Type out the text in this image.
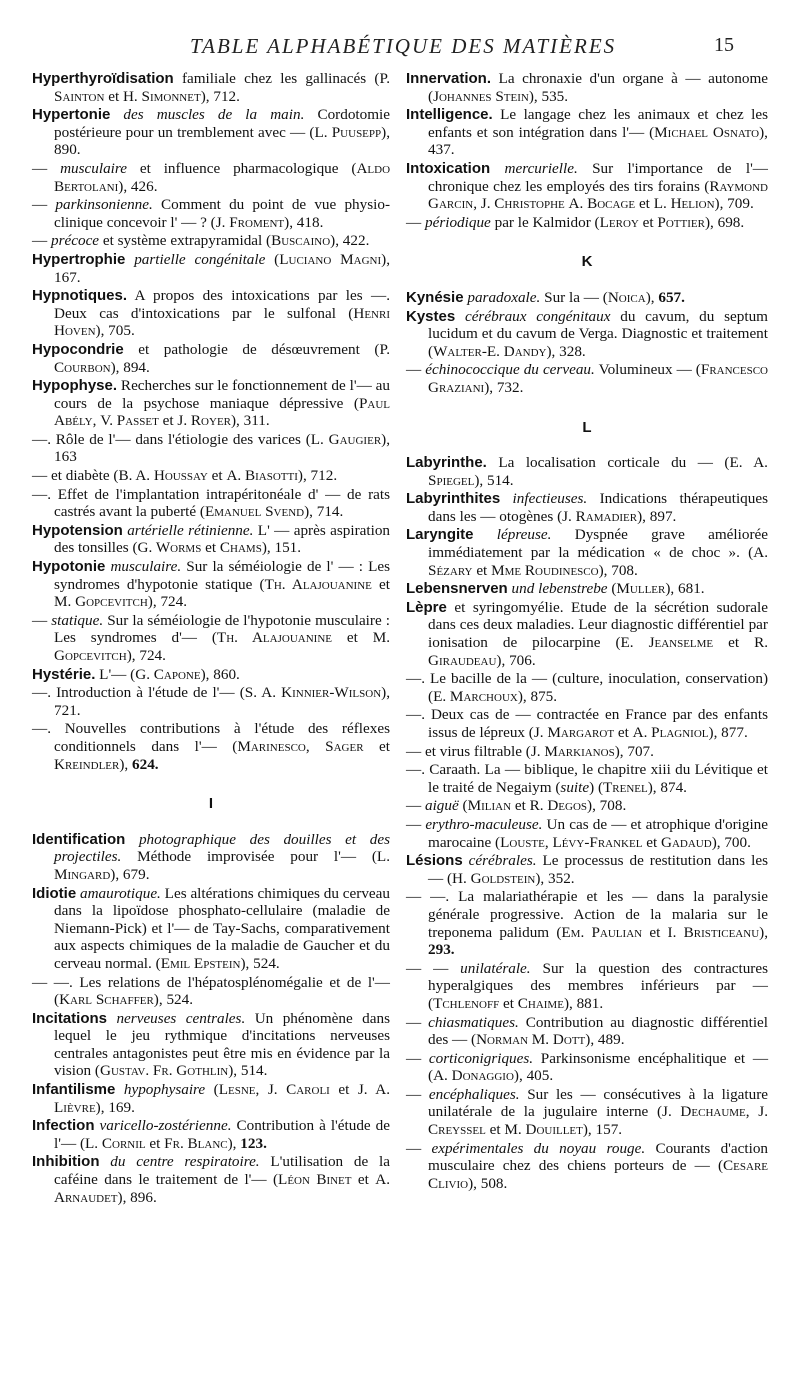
TABLE ALPHABÉTIQUE DES MATIÈRES	15

Hyperthyroïdisation familiale chez les gallinacés (P. Sainton et H. Simonnet), 712.

Hypertonie des muscles de la main. Cordotomie postérieure pour un tremblement avec — (L. Puusepp), 890.

— musculaire et influence pharmacologique (Aldo Bertolani), 426.

— parkinsonienne. Comment du point de vue physio-clinique concevoir l' — ? (J. Froment), 418.

— précoce et système extrapyramidal (Buscaino), 422.

Hypertrophie partielle congénitale (Luciano Magni), 167.

Hypnotiques. A propos des intoxications par les —. Deux cas d'intoxications par le sulfonal (Henri Hoven), 705.

Hypocondrie et pathologie de désœuvrement (P. Courbon), 894.

Hypophyse. Recherches sur le fonctionnement de l'— au cours de la psychose maniaque dépressive (Paul Abély, V. Passet et J. Royer), 311.

—. Rôle de l'— dans l'étiologie des varices (L. Gaugier), 163

— et diabète (B. A. Houssay et A. Biasotti), 712.

—. Effet de l'implantation intrapéritonéale d' — de rats castrés avant la puberté (Emanuel Svend), 714.

Hypotension artérielle rétinienne. L' — après aspiration des tonsilles (G. Worms et Chams), 151.

Hypotonie musculaire. Sur la séméiologie de l' — : Les syndromes d'hypotonie statique (Th. Alajouanine et M. Gopcevitch), 724.

— statique. Sur la séméiologie de l'hypotonie musculaire : Les syndromes d'— (Th. Alajouanine et M. Gopcevitch), 724.

Hystérie. L'— (G. Capone), 860.

—. Introduction à l'étude de l'— (S. A. Kinnier-Wilson), 721.

—. Nouvelles contributions à l'étude des réflexes conditionnels dans l'— (Marinesco, Sager et Kreindler), 624.

I

Identification photographique des douilles et des projectiles. Méthode improvisée pour l'— (L. Mingard), 679.

Idiotie amaurotique. Les altérations chimiques du cerveau dans la lipoïdose phosphato-cellulaire (maladie de Niemann-Pick) et l'— de Tay-Sachs, comparativement aux aspects chimiques de la maladie de Gaucher et du cerveau normal. (Emil Epstein), 524.

— —. Les relations de l'hépatosplénomégalie et de l'— (Karl Schaffer), 524.

Incitations nerveuses centrales. Un phénomène dans lequel le jeu rythmique d'incitations nerveuses centrales antagonistes peut être mis en évidence par la vision (Gustav. Fr. Gothlin), 514.

Infantilisme hypophysaire (Lesne, J. Caroli et J. A. Lièvre), 169.

Infection varicello-zostérienne. Contribution à l'étude de l'— (L. Cornil et Fr. Blanc), 123.

Inhibition du centre respiratoire. L'utilisation de la caféine dans le traitement de l'— (Léon Binet et A. Arnaudet), 896.

Innervation. La chronaxie d'un organe à — autonome (Johannes Stein), 535.

Intelligence. Le langage chez les animaux et chez les enfants et son intégration dans l'— (Michael Osnato), 437.

Intoxication mercurielle. Sur l'importance de l'— chronique chez les employés des tirs forains (Raymond Garcin, J. Christophe A. Bocage et L. Helion), 709.

— périodique par le Kalmidor (Leroy et Pottier), 698.

K

Kynésie paradoxale. Sur la — (Noica), 657.

Kystes cérébraux congénitaux du cavum, du septum lucidum et du cavum de Verga. Diagnostic et traitement (Walter-E. Dandy), 328.

— échinococcique du cerveau. Volumineux — (Francesco Graziani), 732.

L

Labyrinthe. La localisation corticale du — (E. A. Spiegel), 514.

Labyrinthites infectieuses. Indications thérapeutiques dans les — otogènes (J. Ramadier), 897.

Laryngite lépreuse. Dyspnée grave améliorée immédiatement par la médication « de choc ». (A. Sézary et Mme Roudinesco), 708.

Lebensnerven und lebenstrebe (Muller), 681.

Lèpre et syringomyélie. Etude de la sécrétion sudorale dans ces deux maladies. Leur diagnostic différentiel par ionisation de pilocarpine (E. Jeanselme et R. Giraudeau), 706.

—. Le bacille de la — (culture, inoculation, conservation) (E. Marchoux), 875.

—. Deux cas de — contractée en France par des enfants issus de lépreux (J. Margarot et A. Plagniol), 877.

— et virus filtrable (J. Markianos), 707.

—. Caraath. La — biblique, le chapitre xiii du Lévitique et le traité de Negaiym (suite) (Trenel), 874.

— aiguë (Milian et R. Degos), 708.

— erythro-maculeuse. Un cas de — et atrophique d'origine marocaine (Louste, Lévy-Frankel et Gadaud), 700.

Lésions cérébrales. Le processus de restitution dans les — (H. Goldstein), 352.

— —. La malariathérapie et les — dans la paralysie générale progressive. Action de la malaria sur le treponema palidum (Em. Paulian et I. Bristiceanu), 293.

— — unilatérale. Sur la question des contractures hyperalgiques des membres inférieurs par — (Tchlenoff et Chaime), 881.

— chiasmatiques. Contribution au diagnostic différentiel des — (Norman M. Dott), 489.

— corticonigriques. Parkinsonisme encéphalitique et — (A. Donaggio), 405.

— encéphaliques. Sur les — consécutives à la ligature unilatérale de la jugulaire interne (J. Dechaume, J. Creyssel et M. Douillet), 157.

— expérimentales du noyau rouge. Courants d'action musculaire chez des chiens porteurs de — (Cesare Clivio), 508.
